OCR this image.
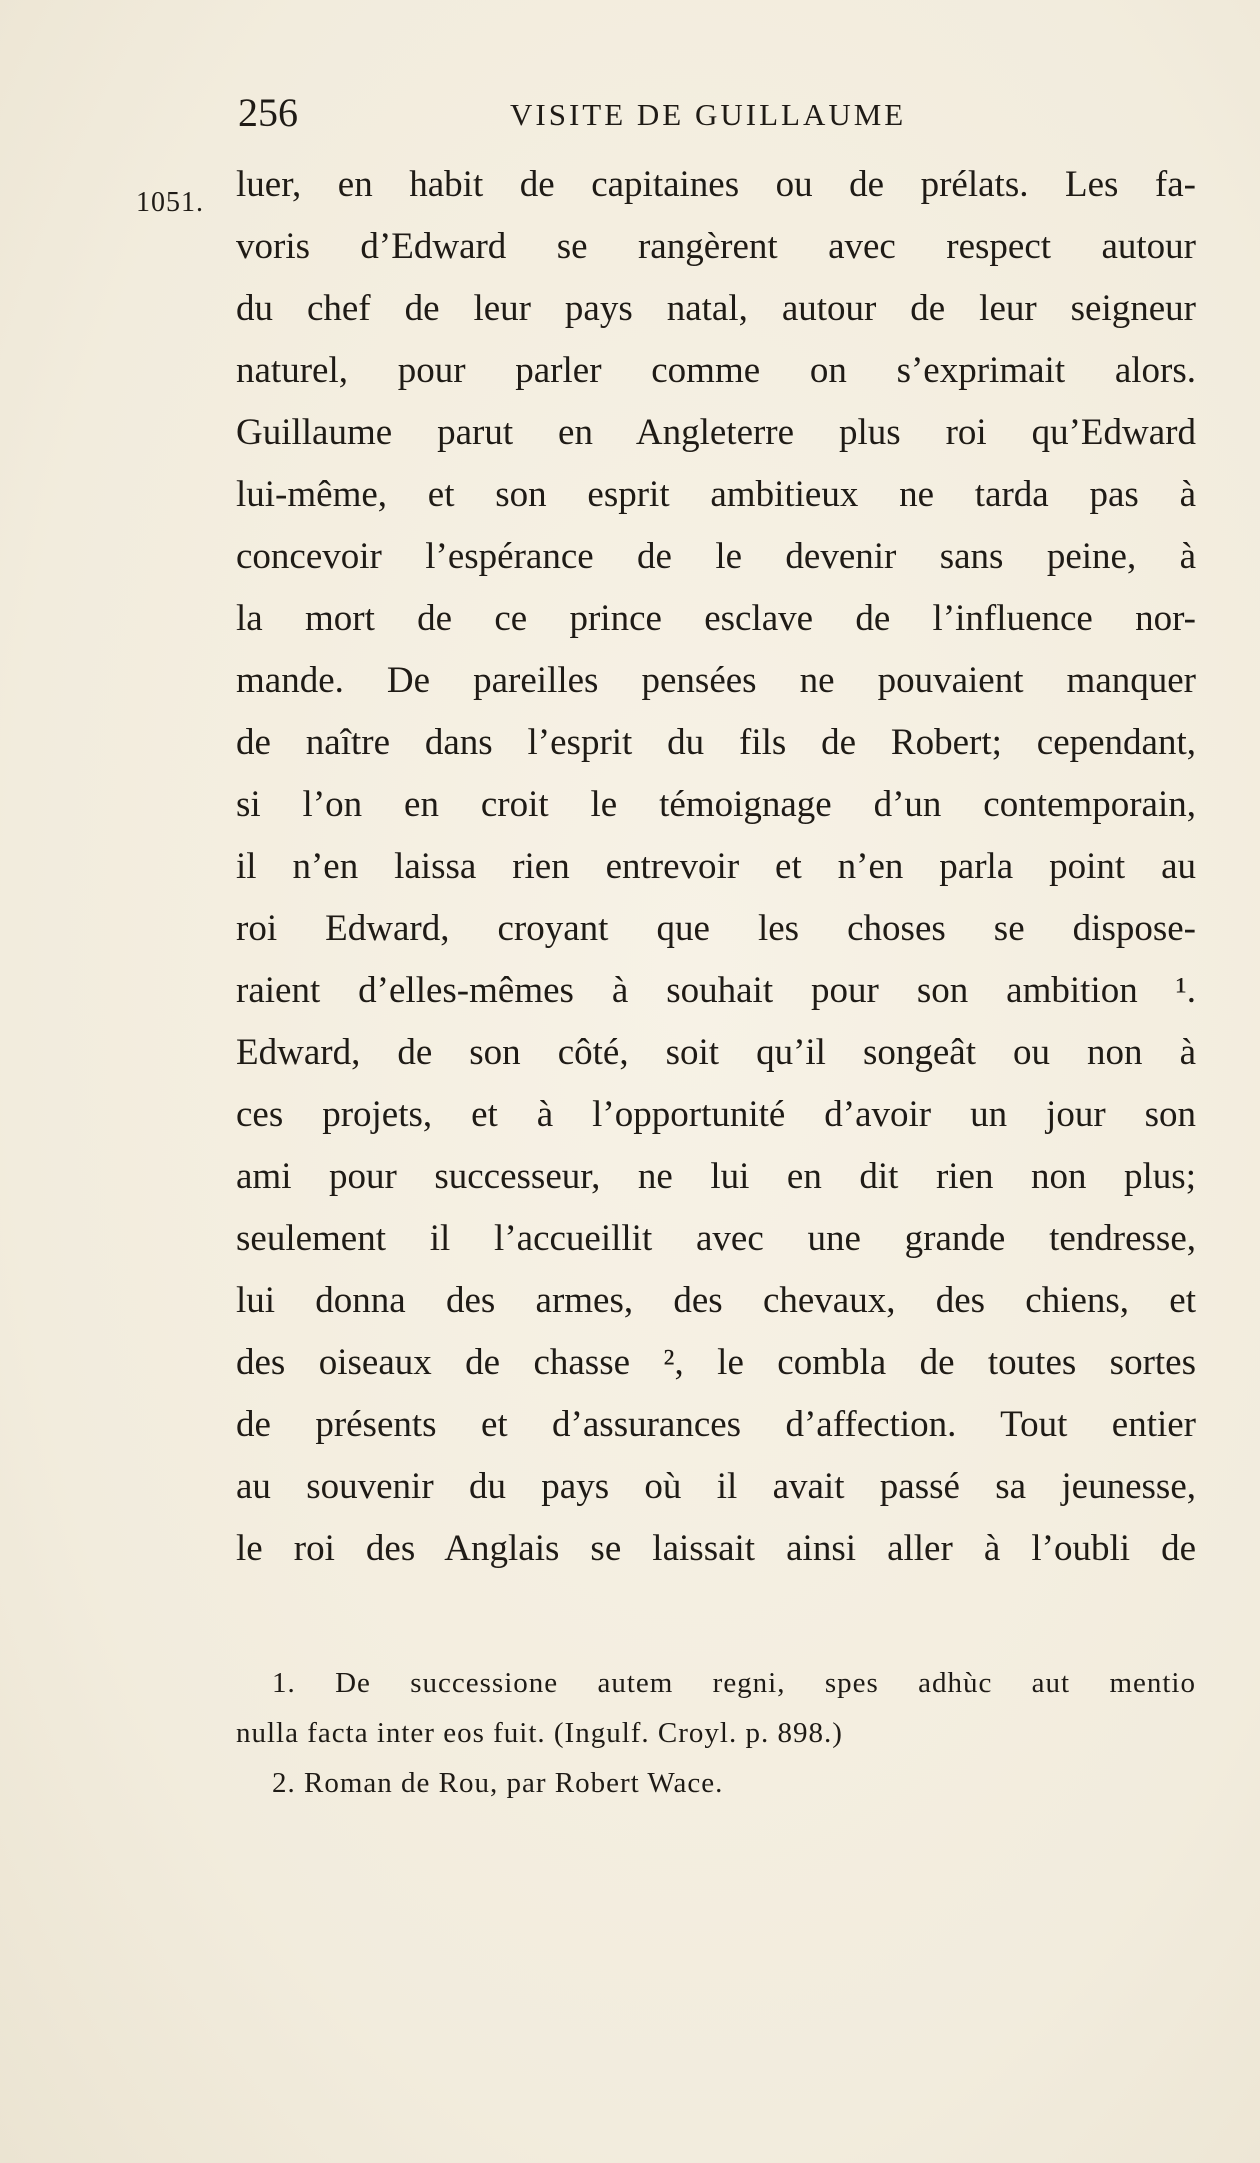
256	VISITE DE GUILLAUME
1051. luer, en habit de capitaines ou de prélats. Les fa-
voris d’Edward se rangèrent avec respect autour
du chef de leur pays natal, autour de leur seigneur
naturel, pour parler comme on s’exprimait alors.
Guillaume parut en Angleterre plus roi qu’Edward
lui-même, et son esprit ambitieux ne tarda pas à
concevoir l’espérance de le devenir sans peine, à
la mort de ce prince esclave de l’influence nor-
mande. De pareilles pensées ne pouvaient manquer
de naître dans l’esprit du fils de Robert; cependant,
si l’on en croit le témoignage d’un contemporain,
il n’en laissa rien entrevoir et n’en parla point au
roi Edward, croyant que les choses se dispose-
raient d’elles-mêmes à souhait pour son ambition ¹.
Edward, de son côté, soit qu’il songeât ou non à
ces projets, et à l’opportunité d’avoir un jour son
ami pour successeur, ne lui en dit rien non plus;
seulement il l’accueillit avec une grande tendresse,
lui donna des armes, des chevaux, des chiens, et
des oiseaux de chasse ², le combla de toutes sortes
de présents et d’assurances d’affection. Tout entier
au souvenir du pays où il avait passé sa jeunesse,
le roi des Anglais se laissait ainsi aller à l’oubli de
1. De successione autem regni, spes adhùc aut mentio
nulla facta inter eos fuit. (Ingulf. Croyl. p. 898.)
2. Roman de Rou, par Robert Wace.
